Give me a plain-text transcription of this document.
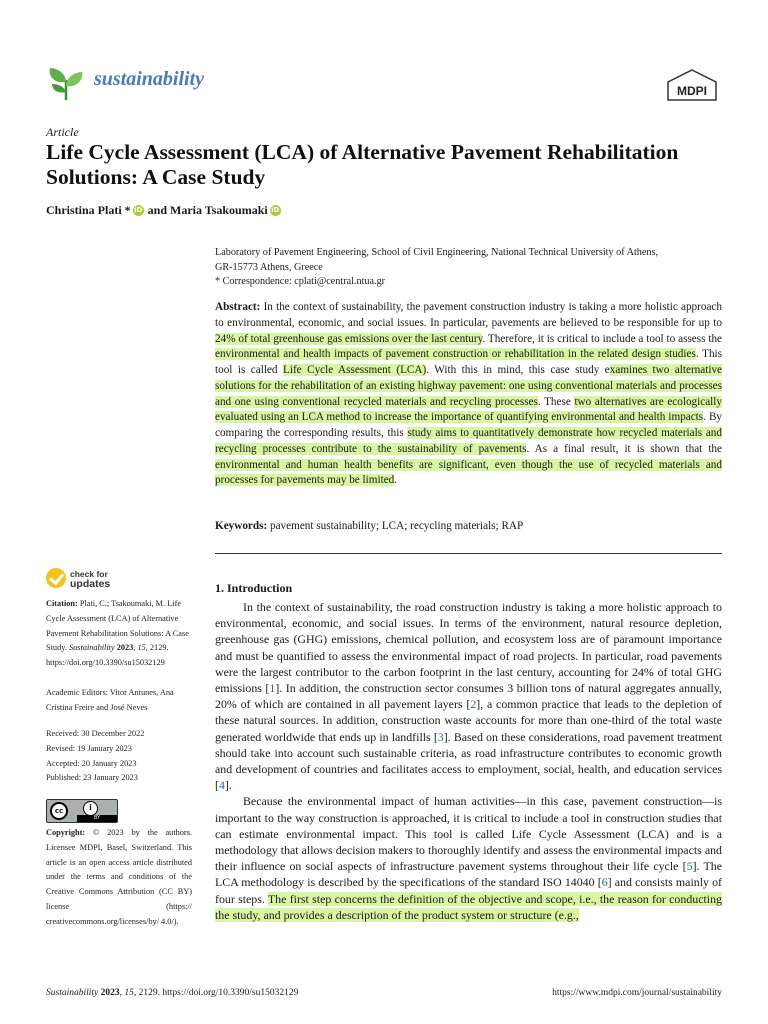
sustainability
MDPI
Article
Life Cycle Assessment (LCA) of Alternative Pavement Rehabilitation Solutions: A Case Study
Christina Plati * iD and Maria Tsakoumaki iD
Laboratory of Pavement Engineering, School of Civil Engineering, National Technical University of Athens,
GR-15773 Athens, Greece
* Correspondence: cplati@central.ntua.gr
Abstract: In the context of sustainability, the pavement construction industry is taking a more holistic approach to environmental, economic, and social issues. In particular, pavements are believed to be responsible for up to 24% of total greenhouse gas emissions over the last century. Therefore, it is critical to include a tool to assess the environmental and health impacts of pavement construction or rehabilitation in the related design studies. This tool is called Life Cycle Assessment (LCA). With this in mind, this case study examines two alternative solutions for the rehabilitation of an existing highway pavement: one using conventional materials and processes and one using conventional recycled materials and recycling processes. These two alternatives are ecologically evaluated using an LCA method to increase the importance of quantifying environmental and health impacts. By comparing the corresponding results, this study aims to quantitatively demonstrate how recycled materials and recycling processes contribute to the sustainability of pavements. As a final result, it is shown that the environmental and human health benefits are significant, even though the use of recycled materials and processes for pavements may be limited.
Keywords: pavement sustainability; LCA; recycling materials; RAP
check for
updates
Citation: Plati, C.; Tsakoumaki, M. Life Cycle Assessment (LCA) of Alternative Pavement Rehabilitation Solutions: A Case Study. Sustainability 2023, 15, 2129. https://doi.org/10.3390/su15032129
Academic Editors: Vitor Antunes, Ana Cristina Freire and José Neves
Received: 30 December 2022
Revised: 19 January 2023
Accepted: 20 January 2023
Published: 23 January 2023
cc	i
BY
Copyright: © 2023 by the authors. Licensee MDPI, Basel, Switzerland. This article is an open access article distributed under the terms and conditions of the Creative Commons Attribution (CC BY) license (https:// creativecommons.org/licenses/by/ 4.0/).
1. Introduction

In the context of sustainability, the road construction industry is taking a more holistic approach to environmental, economic, and social issues. In terms of the environment, natural resource depletion, greenhouse gas (GHG) emissions, chemical pollution, and ecosystem loss are of paramount importance and must be quantified to assess the environmental impact of road projects. In particular, road pavements were the largest contributor to the carbon footprint in the last century, accounting for 24% of total GHG emissions [1]. In addition, the construction sector consumes 3 billion tons of natural aggregates annually, 20% of which are contained in all pavement layers [2], a common practice that leads to the depletion of these natural sources. In addition, construction waste accounts for more than one-third of the total waste generated worldwide that ends up in landfills [3]. Based on these considerations, road pavement treatment should take into account such sustainable criteria, as road infrastructure contributes to economic growth and development of countries and facilitates access to employment, social, health, and education services [4].

Because the environmental impact of human activities—in this case, pavement construction—is important to the way construction is approached, it is critical to include a tool in construction studies that can estimate environmental impact. This tool is called Life Cycle Assessment (LCA) and is a methodology that allows decision makers to thoroughly identify and assess the environmental impacts and their influence on social aspects of infrastructure pavement systems throughout their life cycle [5]. The LCA methodology is described by the specifications of the standard ISO 14040 [6] and consists mainly of four steps. The first step concerns the definition of the objective and scope, i.e., the reason for conducting the study, and provides a description of the product system or structure (e.g.,

Sustainability 2023, 15, 2129. https://doi.org/10.3390/su15032129	https://www.mdpi.com/journal/sustainability
